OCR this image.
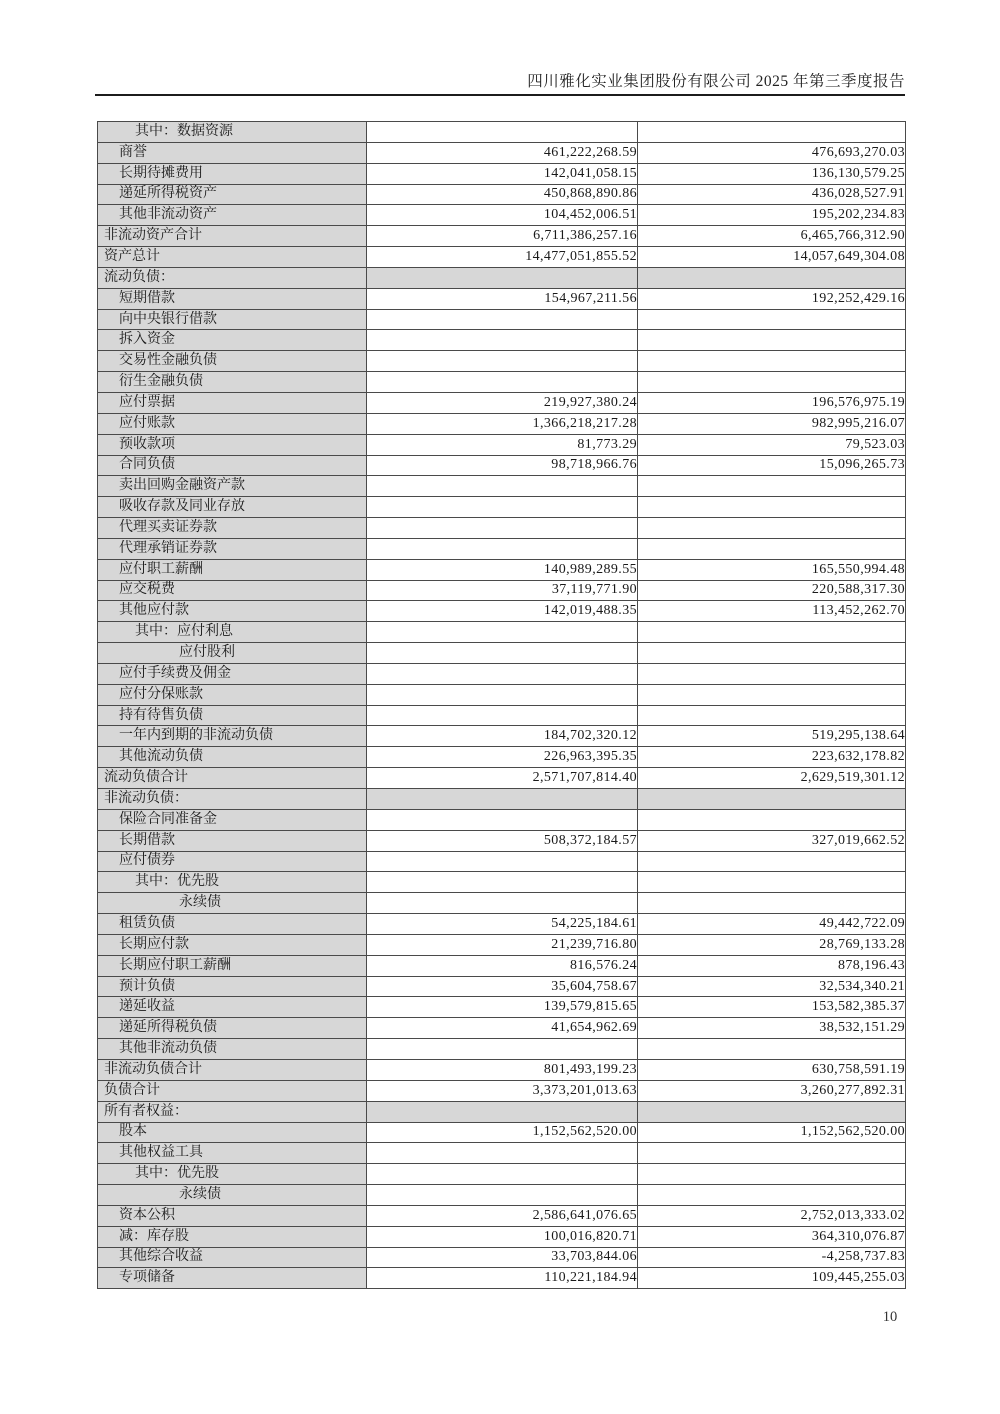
四川雅化实业集团股份有限公司 2025 年第三季度报告
其中：数据资源		
商誉	461,222,268.59	476,693,270.03
长期待摊费用	142,041,058.15	136,130,579.25
递延所得税资产	450,868,890.86	436,028,527.91
其他非流动资产	104,452,006.51	195,202,234.83
非流动资产合计	6,711,386,257.16	6,465,766,312.90
资产总计	14,477,051,855.52	14,057,649,304.08
流动负债：		
短期借款	154,967,211.56	192,252,429.16
向中央银行借款		
拆入资金		
交易性金融负债		
衍生金融负债		
应付票据	219,927,380.24	196,576,975.19
应付账款	1,366,218,217.28	982,995,216.07
预收款项	81,773.29	79,523.03
合同负债	98,718,966.76	15,096,265.73
卖出回购金融资产款		
吸收存款及同业存放		
代理买卖证券款		
代理承销证券款		
应付职工薪酬	140,989,289.55	165,550,994.48
应交税费	37,119,771.90	220,588,317.30
其他应付款	142,019,488.35	113,452,262.70
其中：应付利息		
应付股利		
应付手续费及佣金		
应付分保账款		
持有待售负债		
一年内到期的非流动负债	184,702,320.12	519,295,138.64
其他流动负债	226,963,395.35	223,632,178.82
流动负债合计	2,571,707,814.40	2,629,519,301.12
非流动负债：		
保险合同准备金		
长期借款	508,372,184.57	327,019,662.52
应付债券		
其中：优先股		
永续债		
租赁负债	54,225,184.61	49,442,722.09
长期应付款	21,239,716.80	28,769,133.28
长期应付职工薪酬	816,576.24	878,196.43
预计负债	35,604,758.67	32,534,340.21
递延收益	139,579,815.65	153,582,385.37
递延所得税负债	41,654,962.69	38,532,151.29
其他非流动负债		
非流动负债合计	801,493,199.23	630,758,591.19
负债合计	3,373,201,013.63	3,260,277,892.31
所有者权益：		
股本	1,152,562,520.00	1,152,562,520.00
其他权益工具		
其中：优先股		
永续债		
资本公积	2,586,641,076.65	2,752,013,333.02
减：库存股	100,016,820.71	364,310,076.87
其他综合收益	33,703,844.06	-4,258,737.83
专项储备	110,221,184.94	109,445,255.03
10
